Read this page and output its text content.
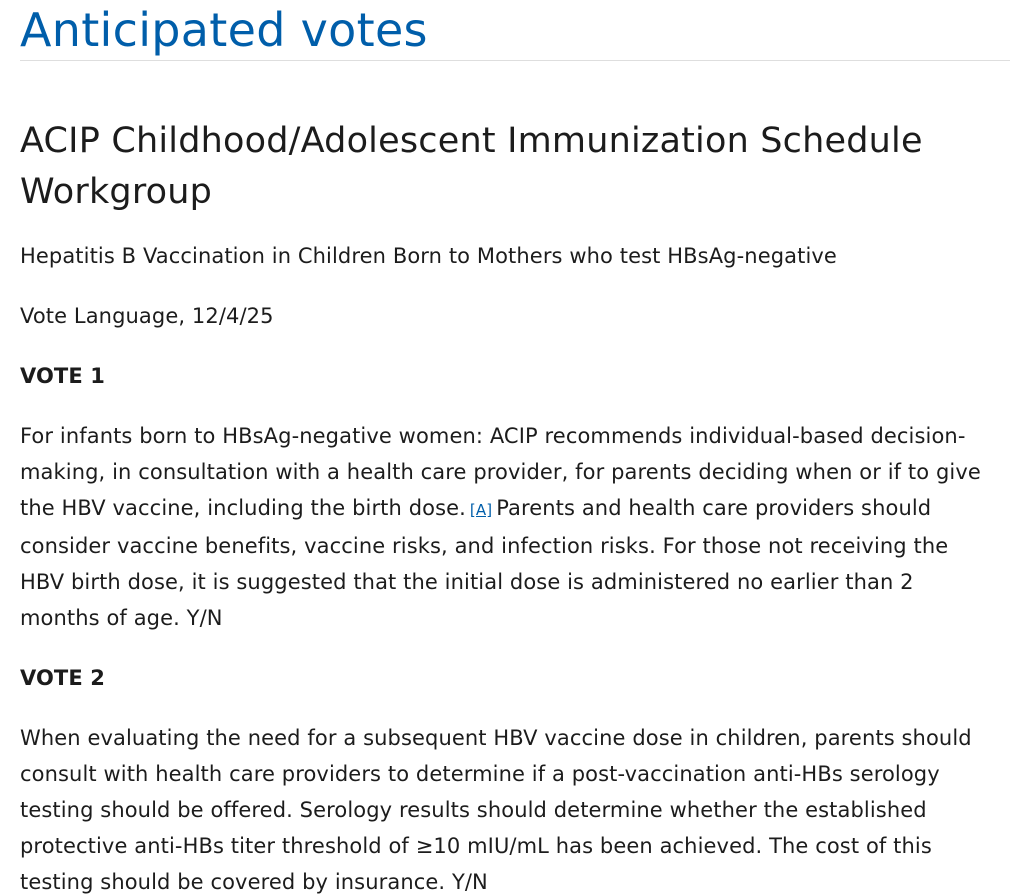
Anticipated votes
ACIP Childhood/Adolescent Immunization Schedule Workgroup

Hepatitis B Vaccination in Children Born to Mothers who test HBsAg-negative

Vote Language, 12/4/25

VOTE 1

For infants born to HBsAg-negative women: ACIP recommends individual-based decision-making, in consultation with a health care provider, for parents deciding when or if to give the HBV vaccine, including the birth dose. [A] Parents and health care providers should consider vaccine benefits, vaccine risks, and infection risks. For those not receiving the HBV birth dose, it is suggested that the initial dose is administered no earlier than 2 months of age. Y/N

VOTE 2

When evaluating the need for a subsequent HBV vaccine dose in children, parents should consult with health care providers to determine if a post-vaccination anti-HBs serology testing should be offered. Serology results should determine whether the established protective anti-HBs titer threshold of ≥10 mIU/mL has been achieved. The cost of this testing should be covered by insurance. Y/N
